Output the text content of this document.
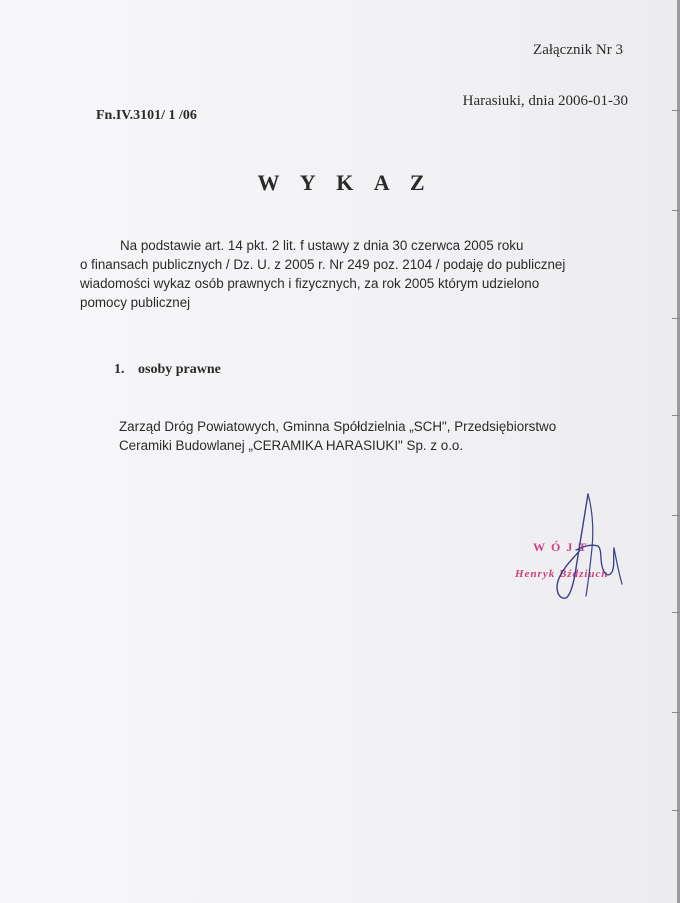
Załącznik Nr 3
Harasiuki, dnia 2006-01-30
Fn.IV.3101/ 1 /06
W Y K A Z
Na podstawie art. 14 pkt. 2 lit. f ustawy z dnia 30 czerwca 2005 roku
o finansach publicznych / Dz. U. z 2005 r. Nr 249 poz. 2104 / podaję do publicznej
wiadomości wykaz osób prawnych i fizycznych, za rok 2005 którym udzielono
pomocy publicznej
1. osoby prawne
Zarząd Dróg Powiatowych, Gminna Spółdzielnia „SCH", Przedsiębiorstwo
Ceramiki Budowlanej „CERAMIKA HARASIUKI" Sp. z o.o.
WÓJT
Henryk Bździuch
